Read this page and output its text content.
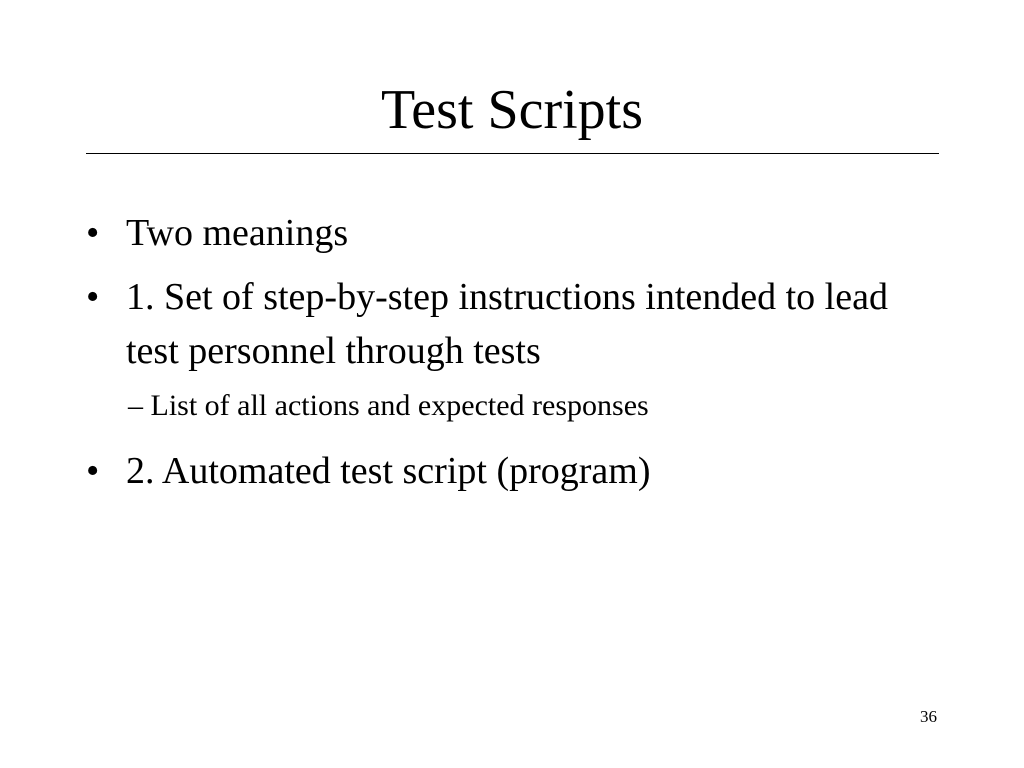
Test Scripts
• Two meanings
• 1. Set of step-by-step instructions intended to lead test personnel through tests
– List of all actions and expected responses
• 2. Automated test script (program)
36
